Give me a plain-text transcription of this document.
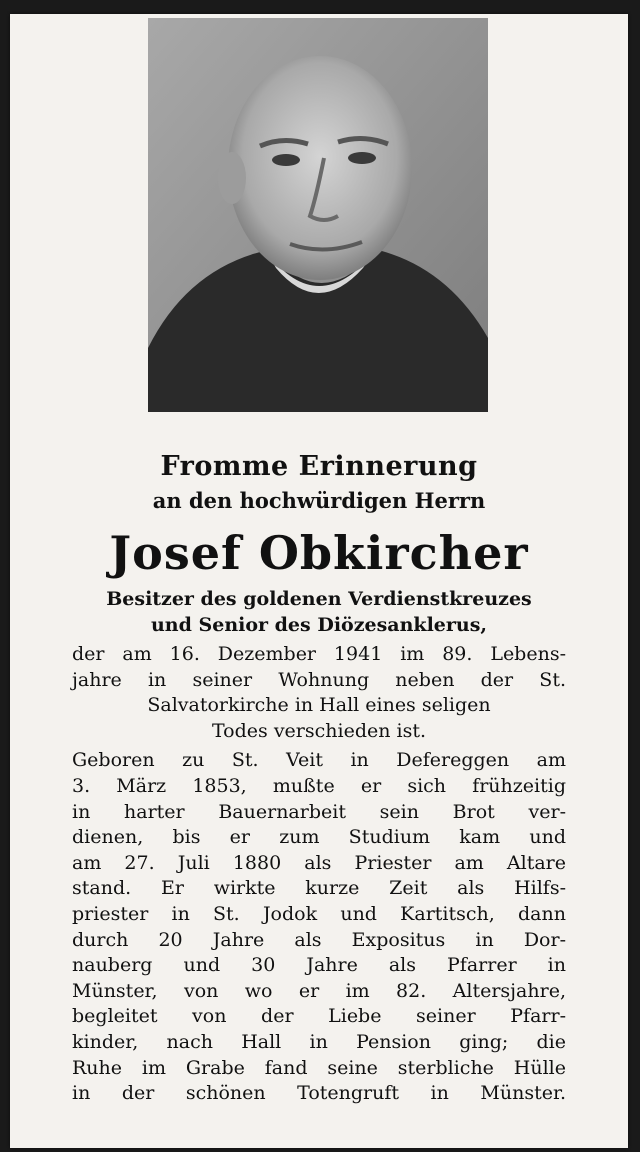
Fromme Erinnerung

an den hochwürdigen Herrn

Josef Obkircher

Besitzer des goldenen Verdienstkreuzes
und Senior des Diözesanklerus,

der am 16. Dezember 1941 im 89. Lebens-
jahre in seiner Wohnung neben der St.
Salvatorkirche in Hall eines seligen
Todes verschieden ist.

Geboren zu St. Veit in Defereggen am
3. März 1853, mußte er sich frühzeitig
in harter Bauernarbeit sein Brot ver-
dienen, bis er zum Studium kam und
am 27. Juli 1880 als Priester am Altare
stand. Er wirkte kurze Zeit als Hilfs-
priester in St. Jodok und Kartitsch, dann
durch 20 Jahre als Expositus in Dor-
nauberg und 30 Jahre als Pfarrer in
Münster, von wo er im 82. Altersjahre,
begleitet von der Liebe seiner Pfarr-
kinder, nach Hall in Pension ging; die
Ruhe im Grabe fand seine sterbliche Hülle
in der schönen Totengruft in Münster.
